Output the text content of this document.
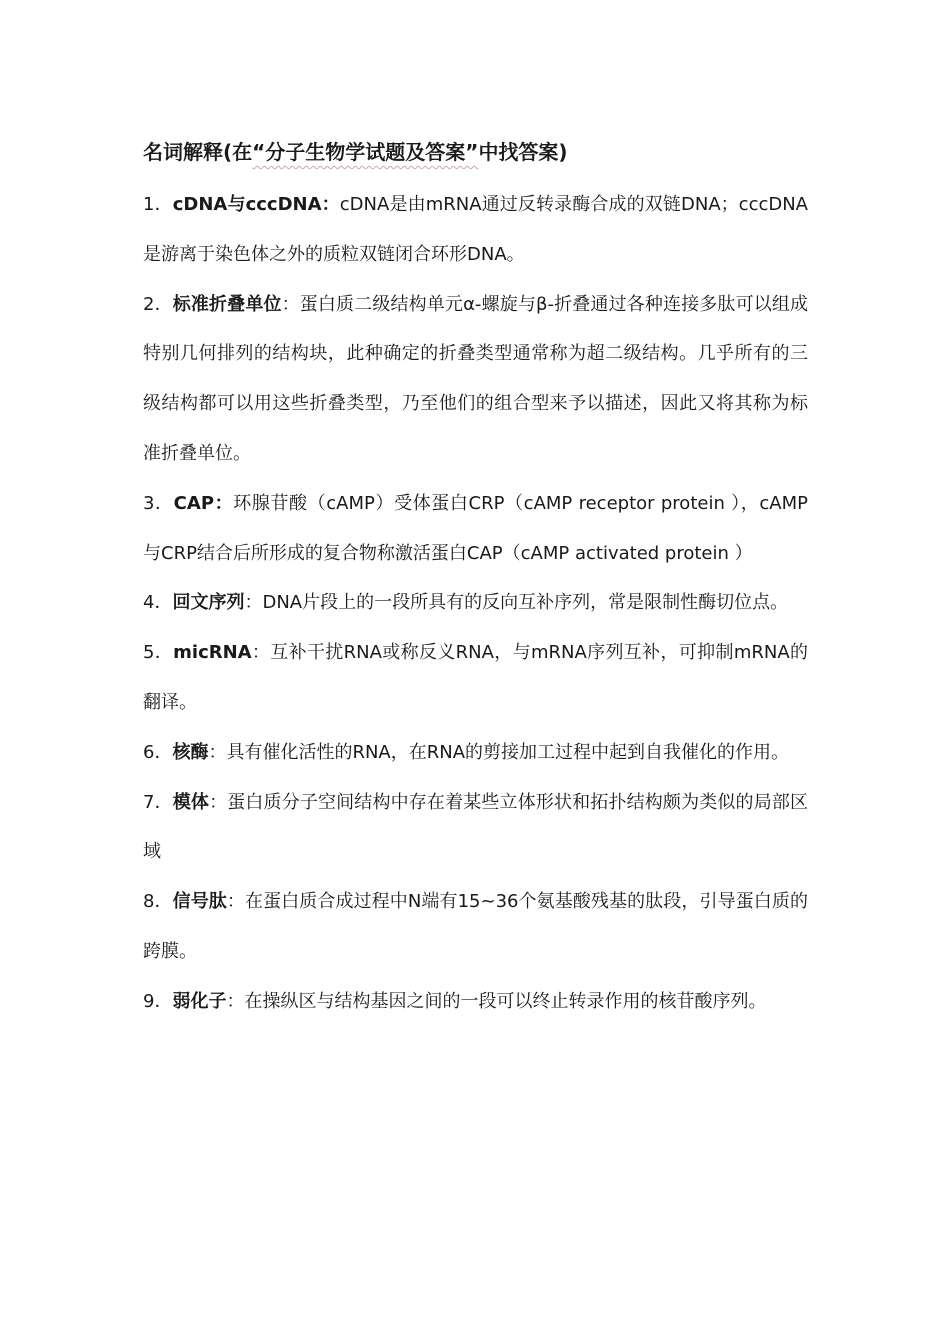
名词解释(在“分子生物学试题及答案”中找答案)

1．cDNA与cccDNA：cDNA是由mRNA通过反转录酶合成的双链DNA；cccDNA是游离于染色体之外的质粒双链闭合环形DNA。

2．标准折叠单位：蛋白质二级结构单元α-螺旋与β-折叠通过各种连接多肽可以组成特别几何排列的结构块，此种确定的折叠类型通常称为超二级结构。几乎所有的三级结构都可以用这些折叠类型，乃至他们的组合型来予以描述，因此又将其称为标准折叠单位。

3．CAP：环腺苷酸（cAMP）受体蛋白CRP（cAMP receptor protein ），cAMP与CRP结合后所形成的复合物称激活蛋白CAP（cAMP activated protein ）

4．回文序列：DNA片段上的一段所具有的反向互补序列，常是限制性酶切位点。

5．micRNA：互补干扰RNA或称反义RNA，与mRNA序列互补，可抑制mRNA的翻译。

6．核酶：具有催化活性的RNA，在RNA的剪接加工过程中起到自我催化的作用。

7．模体：蛋白质分子空间结构中存在着某些立体形状和拓扑结构颇为类似的局部区域

8．信号肽：在蛋白质合成过程中N端有15~36个氨基酸残基的肽段，引导蛋白质的跨膜。

9．弱化子：在操纵区与结构基因之间的一段可以终止转录作用的核苷酸序列。
